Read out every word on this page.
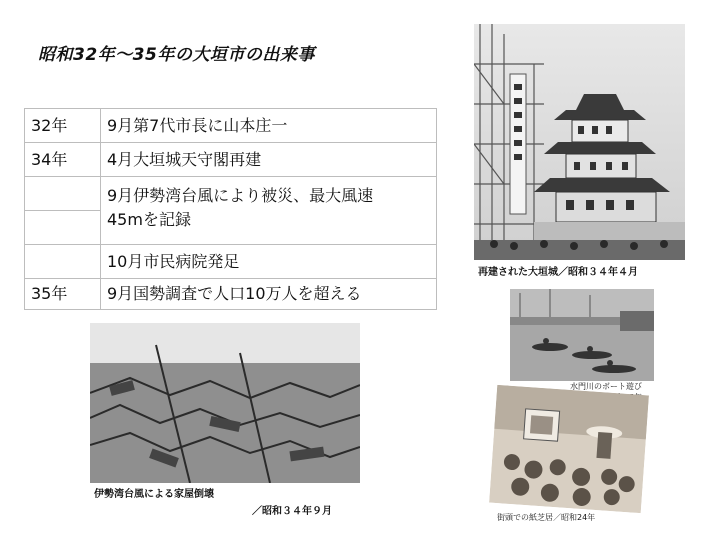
昭和32年～35年の大垣市の出来事
32年	9月第7代市長に山本庄一
34年	4月大垣城天守閣再建

	9月伊勢湾台風により被災、最大風速
45mを記録

	10月市民病院発足
35年	9月国勢調査で人口10万人を超える
再建された大垣城／昭和３４年４月
水門川のボート遊び
伊勢湾台風による家屋倒壊
／昭和３４年９月
街頭での紙芝居／昭和24年
